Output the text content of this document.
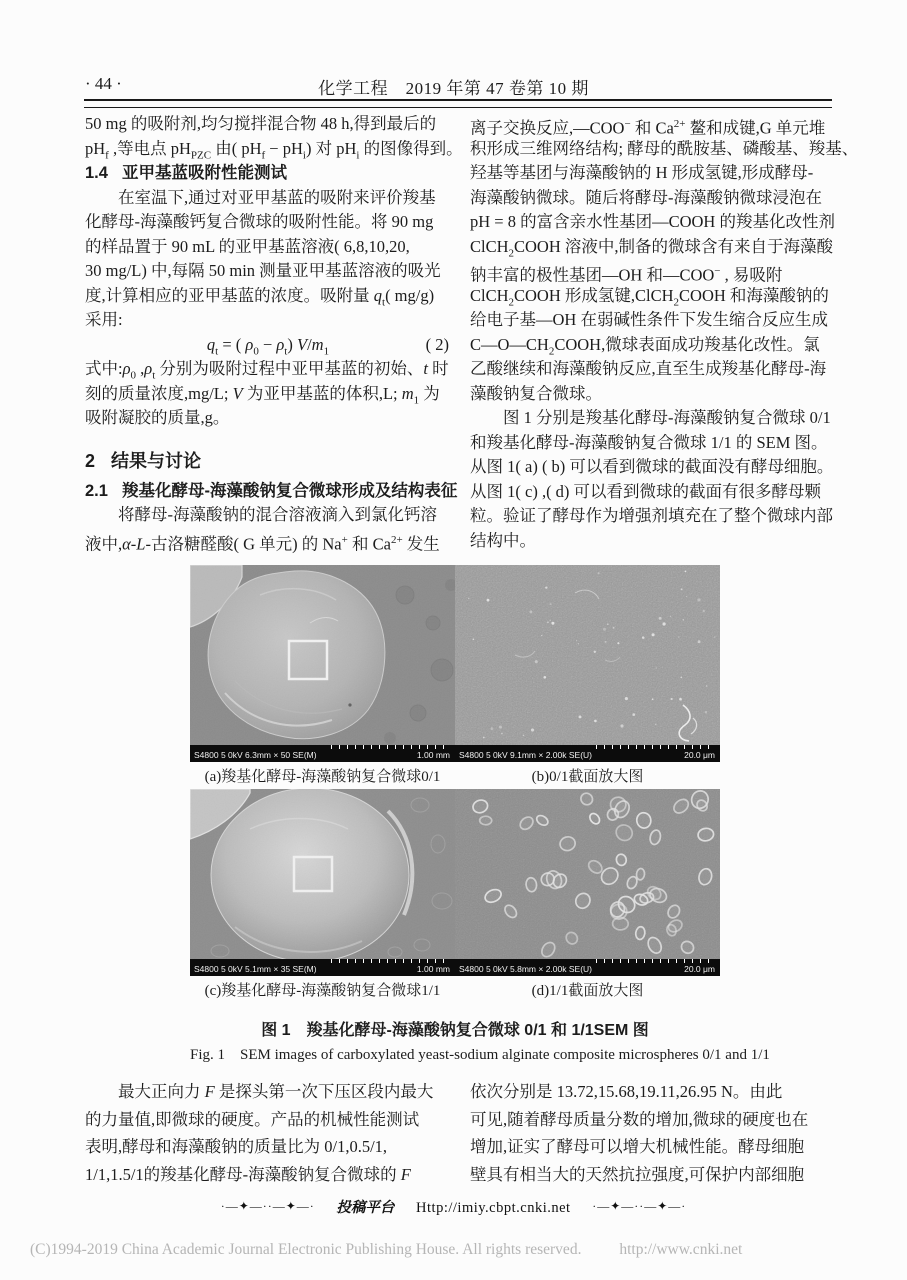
· 44 ·	化学工程　2019 年第 47 卷第 10 期
50 mg 的吸附剂,均匀搅拌混合物 48 h,得到最后的
$pH_f$ ,等电点 $pH_{PZC}$ 由( $pH_f - pH_i$) 对 $pH_i$ 的图像得到。
1.4 亚甲基蓝吸附性能测试
　　在室温下,通过对亚甲基蓝的吸附来评价羧基
化酵母-海藻酸钙复合微球的吸附性能。将 90 mg
的样品置于 90 mL 的亚甲基蓝溶液( 6,8,10,20,
30 mg/L) 中,每隔 50 min 测量亚甲基蓝溶液的吸光
度,计算相应的亚甲基蓝的浓度。吸附量 $q_t$( mg/g)
采用:
$q_t$ = ( $\rho_0 - \rho_t$) $V/m_1$	( 2)
式中$:\rho_0$ $,\rho_t$ 分别为吸附过程中亚甲基蓝的初始、t 时
刻的质量浓度,mg/L; V 为亚甲基蓝的体积,L; $m_1$ 为
吸附凝胶的质量,g。
2 结果与讨论
2.1 羧基化酵母-海藻酸钠复合微球形成及结构表征
　　将酵母-海藻酸钠的混合溶液滴入到氯化钙溶
液中,α-L-古洛糖醛酸( G 单元) 的 Na+ 和 $Ca^{2+}$ 发生
离子交换反应,—COO− 和 $Ca^{2+}$ 鳌和成键,G 单元堆
积形成三维网络结构; 酵母的酰胺基、磷酸基、羧基、
羟基等基团与海藻酸钠的 H 形成氢键,形成酵母-
海藻酸钠微球。随后将酵母-海藻酸钠微球浸泡在
pH = 8 的富含亲水性基团—COOH 的羧基化改性剂
ClCH$_2$COOH 溶液中,制备的微球含有来自于海藻酸
钠丰富的极性基团—OH 和—COO− , 易吸附
ClCH$_2$COOH 形成氢键,ClCH$_2$COOH 和海藻酸钠的
给电子基—OH 在弱碱性条件下发生缩合反应生成
$C—O—CH_2COOH$,微球表面成功羧基化改性。氯
乙酸继续和海藻酸钠反应,直至生成羧基化酵母-海
藻酸钠复合微球。
　　图 1 分别是羧基化酵母-海藻酸钠复合微球 0/1
和羧基化酵母-海藻酸钠复合微球 1/1 的 SEM 图。
从图 1( a) ( b) 可以看到微球的截面没有酵母细胞。
从图 1( c) ,( d) 可以看到微球的截面有很多酵母颗
粒。验证了酵母作为增强剂填充在了整个微球内部
结构中。
S4800 5 0kV 6.3mm × 50 SE(M)	1.00 mm S4800 5 0kV 9.1mm × 2.00k SE(U)	20.0 μm
(a)羧基化酵母-海藻酸钠复合微球0/1	(b)0/1截面放大图
S4800 5 0kV 5.1mm × 35 SE(M)	1.00 mm S4800 5 0kV 5.8mm × 2.00k SE(U)	20.0 μm
(c)羧基化酵母-海藻酸钠复合微球1/1	(d)1/1截面放大图
图 1　羧基化酵母-海藻酸钠复合微球 0/1 和 1/1SEM 图
Fig. 1　SEM images of carboxylated yeast-sodium alginate composite microspheres 0/1 and 1/1
　　最大正向力 F 是探头第一次下压区段内最大
的力量值,即微球的硬度。产品的机械性能测试
表明,酵母和海藻酸钠的质量比为 0/1,0.5/1,
1/1,1.5/1的羧基化酵母-海藻酸钠复合微球的 F
依次分别是 13.72,15.68,19.11,26.95 N。由此
可见,随着酵母质量分数的增加,微球的硬度也在
增加,证实了酵母可以增大机械性能。酵母细胞
壁具有相当大的天然抗拉强度,可保护内部细胞
·—✦—··—✦—· 投稿平台 Http://imiy.cbpt.cnki.net ·—✦—··—✦—·
(C)1994-2019 China Academic Journal Electronic Publishing House. All rights reserved. http://www.cnki.net
